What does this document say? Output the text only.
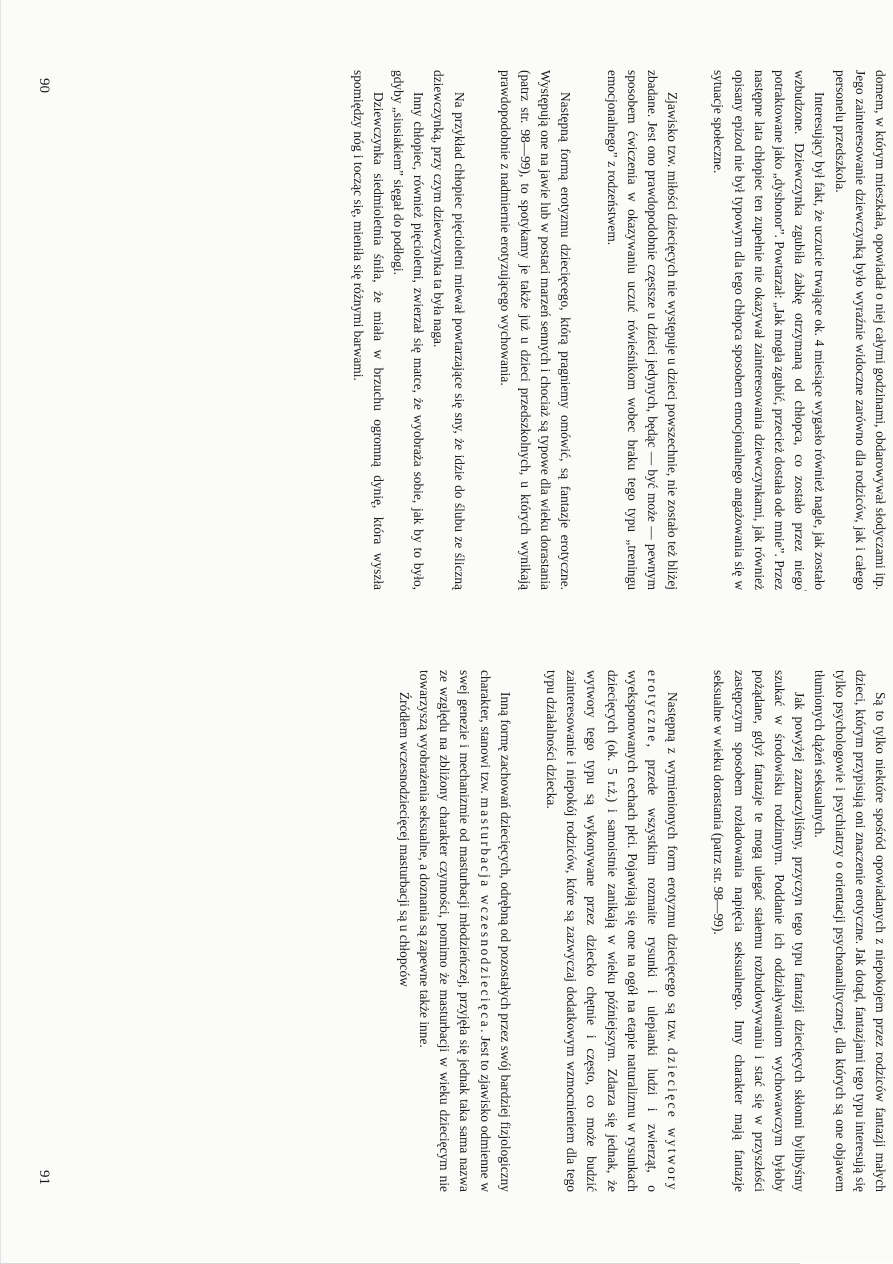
domem, w którym mieszkała, opowiadał o niej całymi godzinami, obdarowywał słodyczami itp. Jego zainteresowanie dziewczynką było wyraźnie widoczne zarówno dla rodziców, jak i całego personelu przedszkola.

Interesujący był fakt, że uczucie trwające ok. 4 miesiące wygasło również nagle, jak zostało wzbudzone. Dziewczynka zgubiła żabkę otrzymaną od chłopca, co zostało przez niego potraktowane jako „dyshonor”. Powtarzał: „Jak mogła zgubić, przecież dostała ode mnie”. Przez następne lata chłopiec ten zupełnie nie okazywał zainteresowania dziewczynkami, jak również opisany epizod nie był typowym dla tego chłopca sposobem emocjonalnego angażowania się w sytuacje społeczne.

Zjawisko tzw. miłości dziecięcych nie występuje u dzieci powszechnie, nie zostało też bliżej zbadane. Jest ono prawdopodobnie częstsze u dzieci jedynych, będąc — być może — pewnym sposobem ćwiczenia w okazywaniu uczuć rówieśnikom wobec braku tego typu „treningu emocjonalnego” z rodzeństwem.

Następną formą erotyzmu dziecięcego, którą pragniemy omówić, są fantazje erotyczne. Występują one na jawie lub w postaci marzeń sennych i chociaż są typowe dla wieku dorastania (patrz str. 98—99), to spotykamy je także już u dzieci przedszkolnych, u których wynikają prawdopodobnie z nadmiernie erotyzującego wychowania.

Na przykład chłopiec pięcioletni miewał powtarzające się sny, że idzie do ślubu ze śliczną dziewczynką, przy czym dziewczynka ta była naga.

Inny chłopiec, również pięcioletni, zwierzał się matce, że wyobraża sobie, jak by to było, gdyby „siusiakiem” sięgał do podłogi.

Dziewczynka siedmioletnia śniła, że miała w brzuchu ogromną dynię, która wyszła spomiędzy nóg i tocząc się, mieniła się różnymi barwami.

90

Są to tylko niektóre spośród opowiadanych z niepokojem przez rodziców fantazji małych dzieci, którym przypisują oni znaczenie erotyczne. Jak dotąd, fantazjami tego typu interesują się tylko psychologowie i psychiatrzy o orientacji psychoanalitycznej, dla których są one objawem tłumionych dążeń seksualnych.

Jak powyżej zaznaczyliśmy, przyczyn tego typu fantazji dziecięcych skłonni bylibyśmy szukać w środowisku rodzinnym. Poddanie ich oddziaływaniom wychowawczym byłoby pożądane, gdyż fantazje te mogą ulegać stałemu rozbudowywaniu i stać się w przyszłości zastępczym sposobem rozładowania napięcia seksualnego. Inny charakter mają fantazje seksualne w wieku dorastania (patrz str. 98—99).

Następną z wymienionych form erotyzmu dziecięcego są tzw. dziecięce wytwory erotyczne, przede wszystkim rozmaite rysunki i ulepianki ludzi i zwierząt, o wyeksponowanych cechach płci. Pojawiają się one na ogół na etapie naturalizmu w rysunkach dziecięcych (ok. 5 r.ż.) i samoistnie zanikają w wieku późniejszym. Zdarza się jednak, że wytwory tego typu są wykonywane przez dziecko chętnie i często, co może budzić zainteresowanie i niepokój rodziców, które są zazwyczaj dodatkowym wzmocnieniem dla tego typu działalności dziecka.

Inną formę zachowań dziecięcych, odrębną od pozostałych przez swój bardziej fizjologiczny charakter, stanowi tzw. masturbacja wczesnodziecięca. Jest to zjawisko odmienne w swej genezie i mechanizmie od masturbacji młodzieńczej, przyjęła się jednak taka sama nazwa ze względu na zbliżony charakter czynności, pomimo że masturbacji w wieku dziecięcym nie towarzyszą wyobrażenia seksualne, a doznania są zapewne także inne.

Źródłem wczesnodziecięcej masturbacji są u chłopców

91
